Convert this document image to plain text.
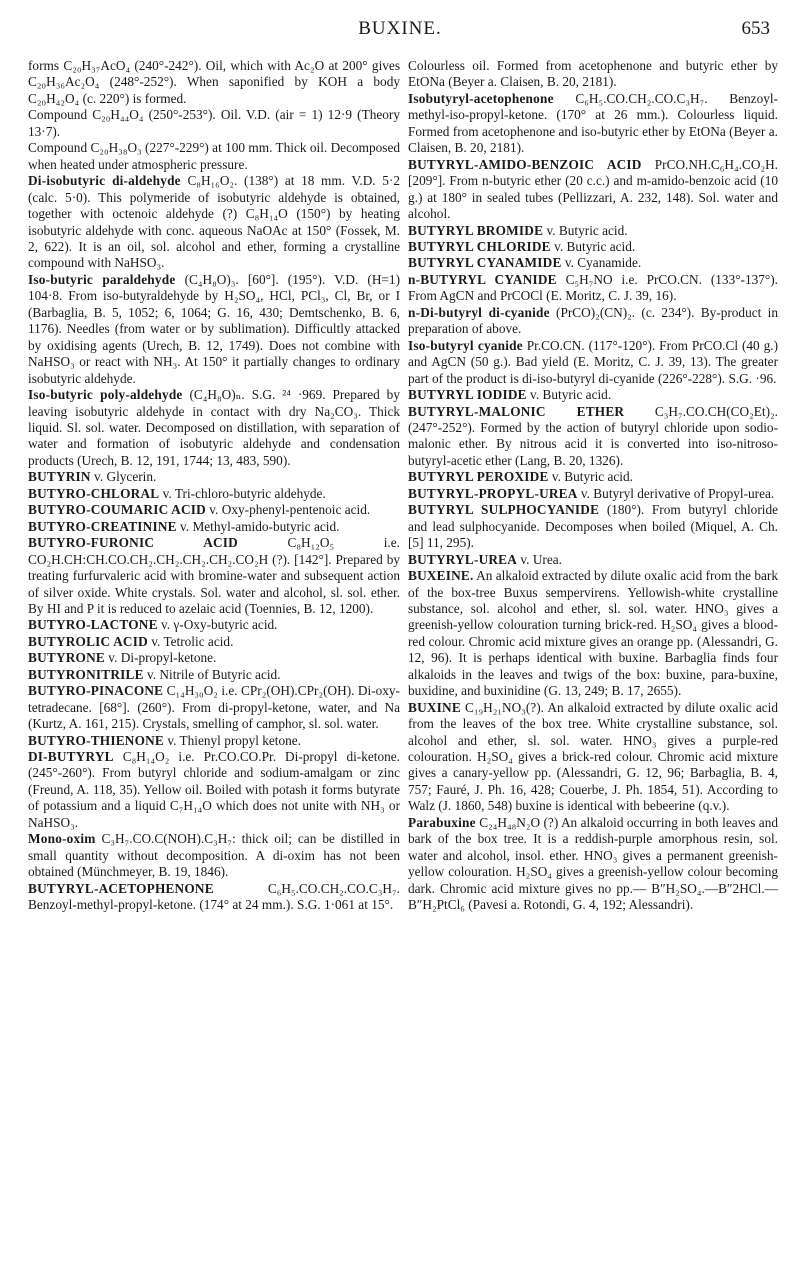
BUXINE.	653

forms C₂₀H₃₇AcO₄ (240°-242°). Oil, which with Ac₂O at 200° gives C₂₀H₃₆Ac₂O₄ (248°-252°). When saponified by KOH a body C₂₀H₄₂O₄ (c. 220°) is formed.

Compound C₂₀H₄₄O₄ (250°-253°). Oil. V.D. (air = 1) 12·9 (Theory 13·7).

Compound C₂₀H₃₈O₃ (227°-229°) at 100 mm. Thick oil. Decomposed when heated under atmospheric pressure.

Di-isobutyric di-aldehyde C₈H₁₆O₂. (138°) at 18 mm. V.D. 5·2 (calc. 5·0). This polymeride of isobutyric aldehyde is obtained, together with octenoic aldehyde (?) C₈H₁₄O (150°) by heating isobutyric aldehyde with conc. aqueous NaOAc at 150° (Fossek, M. 2, 622). It is an oil, sol. alcohol and ether, forming a crystalline compound with NaHSO₃.

Iso-butyric paraldehyde (C₄H₈O)₃. [60°]. (195°). V.D. (H=1) 104·8. From iso-butyraldehyde by H₂SO₄, HCl, PCl₃, Cl, Br, or I (Barbaglia, B. 5, 1052; 6, 1064; G. 16, 430; Demtschenko, B. 6, 1176). Needles (from water or by sublimation). Difficultly attacked by oxidising agents (Urech, B. 12, 1749). Does not combine with NaHSO₃ or react with NH₃. At 150° it partially changes to ordinary isobutyric aldehyde.

Iso-butyric poly-aldehyde (C₄H₈O)ₙ. S.G. ²⁴ ·969. Prepared by leaving isobutyric aldehyde in contact with dry Na₂CO₃. Thick liquid. Sl. sol. water. Decomposed on distillation, with separation of water and formation of isobutyric aldehyde and condensation products (Urech, B. 12, 191, 1744; 13, 483, 590).

BUTYRIN v. Glycerin.

BUTYRO-CHLORAL v. Tri-chloro-butyric aldehyde.

BUTYRO-COUMARIC ACID v. Oxy-phenyl-pentenoic acid.

BUTYRO-CREATININE v. Methyl-amido-butyric acid.

BUTYRO-FURONIC ACID C₈H₁₂O₅ i.e. CO₂H.CH:CH.CO.CH₂.CH₂.CH₂.CH₂.CO₂H (?). [142°]. Prepared by treating furfurvaleric acid with bromine-water and subsequent action of silver oxide. White crystals. Sol. water and alcohol, sl. sol. ether. By HI and P it is reduced to azelaic acid (Toennies, B. 12, 1200).

BUTYRO-LACTONE v. γ-Oxy-butyric acid.

BUTYROLIC ACID v. Tetrolic acid.

BUTYRONE v. Di-propyl-ketone.

BUTYRONITRILE v. Nitrile of Butyric acid.

BUTYRO-PINACONE C₁₄H₃₀O₂ i.e. CPr₂(OH).CPr₂(OH). Di-oxy-tetradecane. [68°]. (260°). From di-propyl-ketone, water, and Na (Kurtz, A. 161, 215). Crystals, smelling of camphor, sl. sol. water.

BUTYRO-THIENONE v. Thienyl propyl ketone.

DI-BUTYRYL C₈H₁₄O₂ i.e. Pr.CO.CO.Pr. Di-propyl di-ketone. (245°-260°). From butyryl chloride and sodium-amalgam or zinc (Freund, A. 118, 35). Yellow oil. Boiled with potash it forms butyrate of potassium and a liquid C₇H₁₄O which does not unite with NH₃ or NaHSO₃.

Mono-oxim C₃H₇.CO.C(NOH).C₃H₇: thick oil; can be distilled in small quantity without decomposition. A di-oxim has not been obtained (Münchmeyer, B. 19, 1846).

BUTYRYL-ACETOPHENONE C₆H₅.CO.CH₂.CO.C₃H₇. Benzoyl-methyl-propyl-ketone. (174° at 24 mm.). S.G. 1·061 at 15°.

Colourless oil. Formed from acetophenone and butyric ether by EtONa (Beyer a. Claisen, B. 20, 2181).

Isobutyryl-acetophenone C₆H₅.CO.CH₂.CO.C₃H₇. Benzoyl-methyl-iso-propyl-ketone. (170° at 26 mm.). Colourless liquid. Formed from acetophenone and iso-butyric ether by EtONa (Beyer a. Claisen, B. 20, 2181).

BUTYRYL-AMIDO-BENZOIC ACID PrCO.NH.C₆H₄.CO₂H. [209°]. From n-butyric ether (20 c.c.) and m-amido-benzoic acid (10 g.) at 180° in sealed tubes (Pellizzari, A. 232, 148). Sol. water and alcohol.

BUTYRYL BROMIDE v. Butyric acid.

BUTYRYL CHLORIDE v. Butyric acid.

BUTYRYL CYANAMIDE v. Cyanamide.

n-BUTYRYL CYANIDE C₅H₇NO i.e. PrCO.CN. (133°-137°). From AgCN and PrCOCl (E. Moritz, C. J. 39, 16).

n-Di-butyryl di-cyanide (PrCO)₂(CN)₂. (c. 234°). By-product in preparation of above.

Iso-butyryl cyanide Pr.CO.CN. (117°-120°). From PrCO.Cl (40 g.) and AgCN (50 g.). Bad yield (E. Moritz, C. J. 39, 13). The greater part of the product is di-iso-butyryl di-cyanide (226°-228°). S.G. ·96.

BUTYRYL IODIDE v. Butyric acid.

BUTYRYL-MALONIC ETHER C₃H₇.CO.CH(CO₂Et)₂. (247°-252°). Formed by the action of butyryl chloride upon sodio-malonic ether. By nitrous acid it is converted into iso-nitroso-butyryl-acetic ether (Lang, B. 20, 1326).

BUTYRYL PEROXIDE v. Butyric acid.

BUTYRYL-PROPYL-UREA v. Butyryl derivative of Propyl-urea.

BUTYRYL SULPHOCYANIDE (180°). From butyryl chloride and lead sulphocyanide. Decomposes when boiled (Miquel, A. Ch. [5] 11, 295).

BUTYRYL-UREA v. Urea.

BUXEINE. An alkaloid extracted by dilute oxalic acid from the bark of the box-tree Buxus sempervirens. Yellowish-white crystalline substance, sol. alcohol and ether, sl. sol. water. HNO₃ gives a greenish-yellow colouration turning brick-red. H₂SO₄ gives a blood-red colour. Chromic acid mixture gives an orange pp. (Alessandri, G. 12, 96). It is perhaps identical with buxine. Barbaglia finds four alkaloids in the leaves and twigs of the box: buxine, para-buxine, buxidine, and buxinidine (G. 13, 249; B. 17, 2655).

BUXINE C₁₉H₂₁NO₃(?). An alkaloid extracted by dilute oxalic acid from the leaves of the box tree. White crystalline substance, sol. alcohol and ether, sl. sol. water. HNO₃ gives a purple-red colouration. H₂SO₄ gives a brick-red colour. Chromic acid mixture gives a canary-yellow pp. (Alessandri, G. 12, 96; Barbaglia, B. 4, 757; Fauré, J. Ph. 16, 428; Couerbe, J. Ph. 1854, 51). According to Walz (J. 1860, 548) buxine is identical with bebeerine (q.v.).

Parabuxine C₂₄H₄₈N₂O (?) An alkaloid occurring in both leaves and bark of the box tree. It is a reddish-purple amorphous resin, sol. water and alcohol, insol. ether. HNO₃ gives a permanent greenish-yellow colouration. H₂SO₄ gives a greenish-yellow colour becoming dark. Chromic acid mixture gives no pp.— B″H₂SO₄.—B″2HCl.—B″H₂PtCl₆ (Pavesi a. Rotondi, G. 4, 192; Alessandri).
